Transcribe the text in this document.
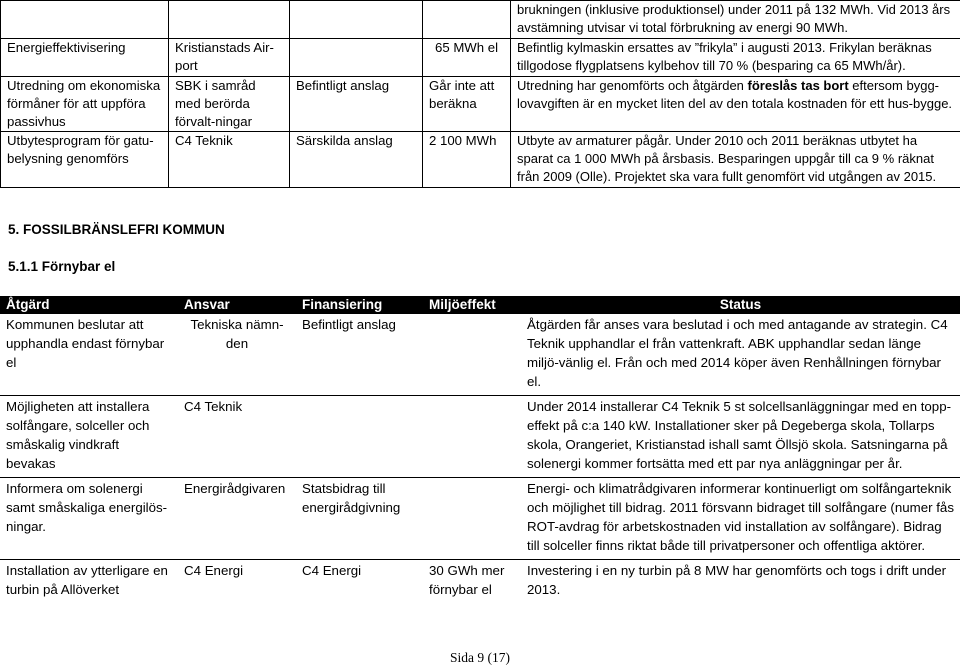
				brukningen (inklusive produktionsel) under 2011 på 132 MWh. Vid 2013 års avstämning utvisar vi total förbrukning av energi 90 MWh.
Energieffektivisering	Kristianstads Air-port		65 MWh el	Befintlig kylmaskin ersattes av ”frikyla” i augusti 2013. Frikylan beräknas tillgodose flygplatsens kylbehov till 70 % (besparing ca 65 MWh/år).
Utredning om ekonomiska förmåner för att uppföra passivhus	SBK i samråd med berörda förvalt-ningar	Befintligt anslag	Går inte att beräkna	Utredning har genomförts och åtgärden föreslås tas bort eftersom bygg-lovavgiften är en mycket liten del av den totala kostnaden för ett hus-bygge.
Utbytesprogram för gatu-belysning genomförs	C4 Teknik	Särskilda anslag	2 100 MWh	Utbyte av armaturer pågår. Under 2010 och 2011 beräknas utbytet ha sparat ca 1 000 MWh på årsbasis. Besparingen uppgår till ca 9 % räknat från 2009 (Olle). Projektet ska vara fullt genomfört vid utgången av 2015.
5. FOSSILBRÄNSLEFRI KOMMUN
5.1.1 Förnybar el
Åtgärd	Ansvar	Finansiering	Miljöeffekt	Status
Kommunen beslutar att upphandla endast förnybar el	Tekniska nämn-den	Befintligt anslag		Åtgärden får anses vara beslutad i och med antagande av strategin. C4 Teknik upphandlar el från vattenkraft. ABK upphandlar sedan länge miljö-vänlig el. Från och med 2014 köper även Renhållningen förnybar el.
Möjligheten att installera solfångare, solceller och småskalig vindkraft bevakas	C4 Teknik			Under 2014 installerar C4 Teknik 5 st solcellsanläggningar med en topp-effekt på c:a 140 kW. Installationer sker på Degeberga skola, Tollarps skola, Orangeriet, Kristianstad ishall samt Öllsjö skola. Satsningarna på solenergi kommer fortsätta med ett par nya anläggningar per år.
Informera om solenergi samt småskaliga energilös-ningar.	Energirådgivaren	Statsbidrag till energirådgivning		Energi- och klimatrådgivaren informerar kontinuerligt om solfångarteknik och möjlighet till bidrag. 2011 försvann bidraget till solfångare (numer fås ROT-avdrag för arbetskostnaden vid installation av solfångare). Bidrag till solceller finns riktat både till privatpersoner och offentliga aktörer.
Installation av ytterligare en turbin på Allöverket	C4 Energi	C4 Energi	30 GWh mer förnybar el	Investering i en ny turbin på 8 MW har genomförts och togs i drift under 2013.
Sida 9 (17)
